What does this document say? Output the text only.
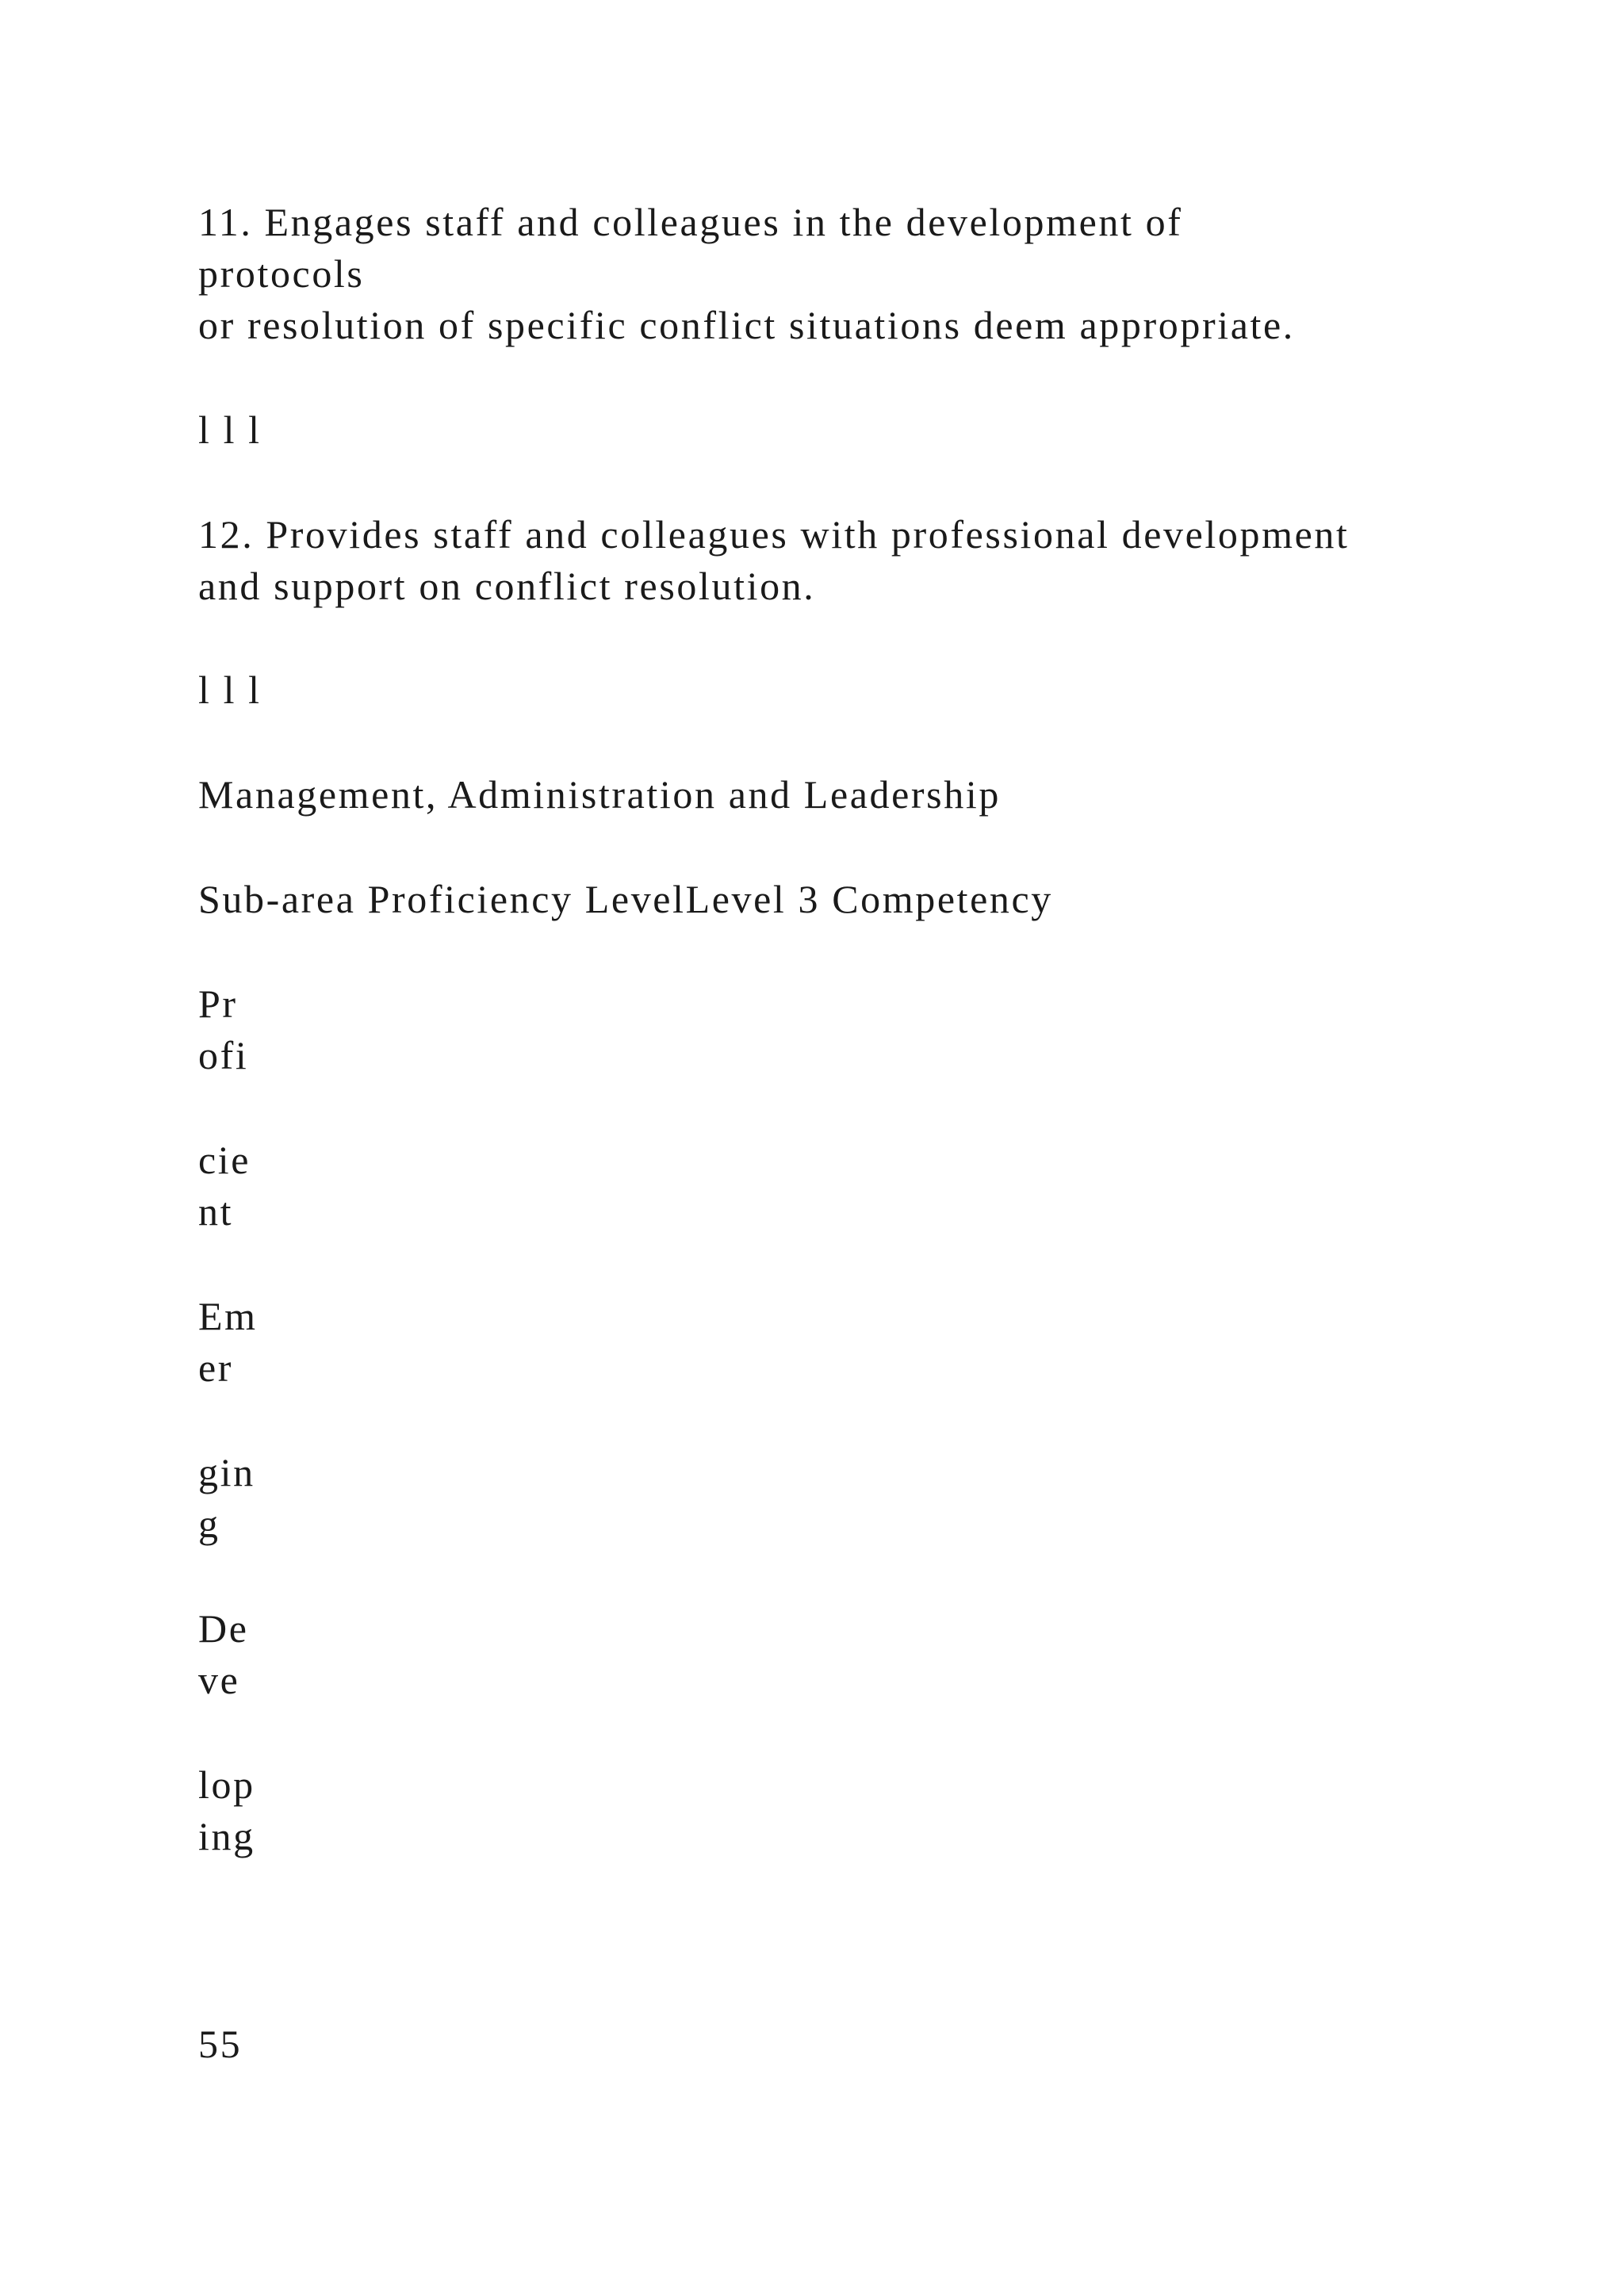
11. Engages staff and colleagues in the development of

protocols

or resolution of specific conflict situations deem appropriate.

l l l

12. Provides staff and colleagues with professional development

and support on conflict resolution.

l l l

Management, Administration and Leadership

Sub-area Proficiency LevelLevel 3 Competency

Pr

ofi

cie

nt

Em

er

gin

g

De

ve

lop

ing

55
